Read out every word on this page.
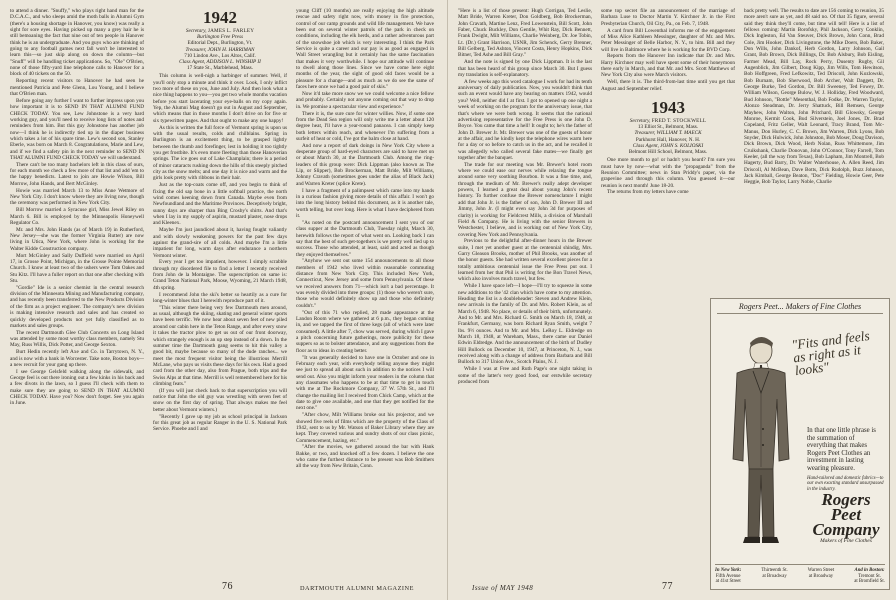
to attend a dinner. "Snuffy," who plays right hand man for the D.C.A.C., and who sleeps amid the moth balls in Alumni Gym (there's a housing shortage in Hanover, you know) was really a sight for sore eyes. Having picked up many a grey hair he is still bemoaning the fact that nine out of ten people in Hanover think he is an undergraduate. And you guys who are thinking of going to any football games next fall won't be interested to learn this—so just skip along on down the column—but "Snuff" will be handling ticket applications. So, "Ole" O'Brien, none of those fifty-yard line telephone calls to Hanover for a block of 40 tickets on the 50.

Reporting recent visitors to Hanover he had seen he mentioned Patricia and Pete Glenn, Lou Young, and I believe that O'Brien man.

Before going any further I want to further impress upon you how important it is to SEND IN THAT ALUMNI FUND CHECK TODAY. You see, Lew Johnstone is a very hard working guy, and you'll need to receive long lists of notes and reminders from him. But this guy Johnstone has another job now—I think he is indirectly tied up in the diaper business which takes a lot of his spare time. Lew's second son, Stanley Eberle, was born on March 8. Congratulations, Marie and Lew, and if we find a safety pin in the next reminder to SEND IN THAT ALUMNI FUND CHECK TODAY we will understand.

There can't be too many bachelors left in this class of ours, for each month we check a few more of that list and add 'em to the happy benedicts. Latest to join are Howie Wilson, Bill Morrow, John Hands, and Bert McGinley.

Howie was married March 13 to Miss Anne Wetmore of New York City. I don't know where they are living now, though the ceremony was performed in New York City.

Bill Morrow married a Syracuse girl, Miss Jewel Riley on March 6. Bill is employed by the Minneapolis Honeywell Regulator Co.

Mr. and Mrs. John Hands (as of March 19) in Rutherford, New Jersey—she was the former Virginia Rutter) are now living in Utica, New York, where John is working for the Walter Kidde Construction company.

Mort McGinley and Sally Duffield were married on April 17, in Grosse Point, Michigan, in the Grosse Pointe Memorial Church. I know at least two of the ushers were Tom Oakes and Stu Kitz. I'll have a fuller report on that one after checking with Stu.

"Gordie" Ide is a senior chemist in the central research division of the Minnesota Mining and Manufacturing company, and has recently been transferred to the New Products Division of the firm as a project engineer. The company's new division is making intensive research and sales and has created so quickly developed products not yet fully classified as to markets and sales groups.

The recent Dartmouth Glee Club Concerts on Long Island was attended by some most worthy class members, namely Stu May, Russ Willis, Dick Potter, and George Sexton.

Burt Hedin recently left Axe and Co. in Tarrytown, N. Y., and is now with a bank in Worcester. Take note, Boston boys—a new recruit for your gang up there.

I see George Gelsfeld walking along the sidewalk, and George feel is out there ironing out a few kinks in his back and a few divots in the lawn, so I guess I'll check with them to make sure they are going to SEND IN THAT ALUMNI CHECK TODAY. Have you? Now don't forget. See you again in June.

1942
Secretary, JAMES L. FARLEY
Burlington Free Press
Editorial Dept., Burlington, Vt.
Treasurer, JOHN H. HARRIMAN
710 Lindon Ave., Los Altos, Calif.
Class Agent, ADDISON L. WINSHIP II
17 State St., Marblehead, Mass.

This column is well-nigh a harbinger of summer. Well, if you'll only stop a minute and think it over. Look, I only inflict two more of these on you, June and July. And then look what a nice thing happens to you—you get two whole months vacation before you start lacerating your eye-balls on my copy again. Yep, the Alumni Mag doesn't go out in August and September, which means that in those months I don't drive on for five or six typewritten pages. And that ought to make any one happy!

As this is written the full force of Vermont spring is upon us with the usual results, colds and chilblains. Spring in Burlington is an excitement thing, to be grasped lightly between the thumb and forefinger, lest in holding it too tightly you get frostbite. It's even more fleeting than those Hanoverian springs. The ice goes out of Lake Champlain; there is a period of minor cataracts rushing down the hills of this steeply pitched city as the snow melts; and one day it is nice and warm and the girls look pretty with ribbons in their hair.

Just as the top-coats come off, and you begin to think of fixing the old sap bone in a little softball practice, the north wind comes keening down from Canada. Maybe even from Newfoundland and the Maritime Provinces. Deceptively bright, sunny days are sharper than Bing Crosby's shirts. And that's when I lay in my supply of aspirin, mustard plaster, nose drops and Kleenex.

Maybe I'm just jaundiced about it, having fought valiantly and with slowly weakening powers for the past few days against the grand-sire of all colds. And maybe I'm a little impatient for long, warm days after endurance a northern Vermont winter.

Every year I get too impatient, however. I simply scrabble through my disordered file to find a letter I recently received from John de la Montaigne. The superscription on same is: Grand Teton National Park, Moose, Wyoming, 21 March 1948, 4th spring.

I recommend John the ski's better so heartily as a cure for long-winter blues that I herewith reproduce part of it.

"This winter there being very few Dartmouth men around, as usual, although the skiing, skating and general winter sports have been terrific. We now hear about seven feet of new piled around our cabin here in the Teton Range, and after every snow it takes the tractor plow to get us out of our front doorway, which strangely enough is an up step instead of a down. In the summer time the Dartmouth gang seems to hit this valley a good bit, maybe because so many of the dude ranches... we meet the most frequent visitor being the illustrious Merrill McLane, who pays us visits these days for his own. Had a good card from the other day, also from Prague, both trips and the Swiss Alps at that time. Merrill is well remembered here for his climbing feats."

(If you will just check back to that superscription you will notice that John the old guy was wrestling with seven feet of snow on the first day of spring. That always makes me feel better about Vermont winters.)

"Recently I gave up my job as school principal in Jackson for this great job as regular Ranger in the U. S. National Park Service. Phoebe and I and

young Cliff (10 months) are really enjoying the high altitude rescue and safety right now, with money in fire protection, control of our camp grounds and wild life management. We have been out on several winter patrols of the park in check on conditions, including the elk herds, and a rather adventurous part of the snowshoe job which is very interesting. I think the Park Service is quite a career and our pay is as good as engaged in Wall Street wrangling but it certainly has the same fascination that makes it very worthwhile. I hope our attitude will continue to dwell along those lines. Since we have come here eight months of the year, the sight of good old faces would be a pleasure for a change—and as much as we do see the same ol' faces here once we had a good pair of skis."

Now it'd take more snow we we could welcome a nice fellow and probably. Certainly not anyone coming out that way to drop in. We promise a spectacular view and experience."

There it is, the sure cure for winter willies. Now, if some one from the Dead Sea region will only write me a letter about 120 degree heat, I'll have a year-round panacea. I can simply keep both letters within reach, and whenever I'm suffering from a surfeit of heat or cold, I've got the balm close at hand.

And now a report of dark doings in New York City where a desperate group of hard-eyed characters are said to have met on or about March 30, at the Dartmouth Club. Among the ring-leaders of this group were: Dick Lippman (also known as The Lip, or Slipper), Bob Brockerman, Matt Bride, Milt Williams, Johnny Cravath (sometimes goes under the alias of Black Jack) and Warren Kreter (splice Krete).

I have a fragment of a palimpsest which came into my hands in a curious fashion giving more details of this affair. I won't go into the long history behind this document, as it is another tale, worth telling, but over long. Here is what I have deciphered from it.

"As noted on the postcard announcement I sent you of our class supper at the Dartmouth Club, Tuesday night, March 30, herewith follows the report of what went on. Looking back I can say that the best of such get-togethers is we pretty well tied up to success. Those who attended, at least, said and acted as though they enjoyed themselves."

"Anyhow we sent out some 154 announcements to all those members of 1942 who lived within reasonable commuting distance from New York City. This included New York, Connecticut, New Jersey and some from Pennsylvania. Of these we received answers from 71—which isn't a bad percentage. It was evenly divided into three groups: (1) those who weren't sure, those who would definitely show up and those who definitely couldn't."

"Out of this 71 who replied, 28 made appearance at the Landon Room where we gathered at 6 p.m., they began coming in, and we tapped the first of three kegs (all of which were later consumed). A little after 7, chow was served, during which I gave a pitch concerning future gatherings, more publicity for these suppers so as to bolster attendance, and any suggestions from the floor as to ideas in creating better.

"It was generally decided to have one in October and one in February each year, with everybody telling anyone they might see just to spread all about such in addition to the notices I will send out. Also you might inform your readers in the column that any classmates who happens to be at that time to get in touch with me at The Rockmore Company, 37 W. 57th St., and I'll change the mailing list I received from Chick Camp, which at the date to give one available, and one that they get notified for the next one."

"After chow, Milt Williams broke out his projector, and we showed five reels of films which are the property of the Class of 1942, sent to us by Mr. Watson of Baker Library where they are kept. They covered various and sundry shots of our class picnic, Commencement, hazing, etc."

"After the movies, we gathered around the bar with Hank Bakke, or two, and knocked off a few dozen. I believe the one who came the furthest distance to be present was Bob Smithers all the way from New Britain, Conn.

76	DARTMOUTH ALUMNI MAGAZINE

"Here is a list of those present: Hugh Corrigan, Ted Leslie, Matt Bride, Warren Kreter, Don Goldberg, Bob Brockerman, John Cravath, Martine Lenz, Fred Lowenstein, Bill Scott, John Faber, Chuck Buckley, Don Gentile, Whit Ray, Dick Bennett, Frank Dwight, Milt Williams, Charlie Weinberg, Dr. Joe Tobin, Lt. (Dr.) Grant Harrison, USNR, Jim Schenck, Gerry Brenner, Bill Gelberg, Ted Ashton, Vincent Costa, Henry Hopkins, Dick Bitner, Ted Ashe and Bill Gray."

And the note is signed by one Dick Lippman. It is the last that has been heard of this group since March 30. But I guess my translation is self-explanatory.

A few weeks ago this word catalogue I work for had its tenth anniversary of daily publication. Now, you wouldn't think that such an event would have any bearing on matters 1942, would you? Well, neither did I at first. I got to opened up one night a week of working on the program for the anniversary issue, that that's where we were both wrong. It seems that the national advertising representative for the Free Press is one John D. Boyce. You came that time a hell! It ought to; he's the father of John D. Brewer Jr. Mr. Brewer was one of the guests of honor at the affair, and he kindly kept the telephone wires warm here for a day or so before to catch us in the act, and he recalled it was allegedly who called several fake mates—we finally get together after the banquet.

The trade for our meeting was Mr. Brewer's hotel room where we could ease our nerves while relaxing the tongue around some very soothing Bourbon. It was a fine time, and, through the medium of Mr. Brewer's really adept developer powers, I learned a great deal about young John's recent history. To further confuse the Brewer nomenclature I might add that John Jr. is the father of son, John D. Brewer III and Jimmy, John Jr. (I might even say John 3d for purposes of clarity) is working for Fieldcrest Mills, a division of Marshall Field & Company. He is living with the senior Brewers in Westchester, I believe, and is working out of New York City, covering New York and Pennsylvania.

Previous to the delightful after-dinner hours in the Brewer suite, I met yet another guest at the centennial shindig, Mrs. Garry Gleason Brooks, mother of Phil Brooks, was another of the honor guests. She had written several excellent pieces for a totally ambitious centennial issue the Free Press put out. I learned from her that Phil is writing for the Bon Travel News, which also involves much travel, but few.

While I have space left—I hope—I'll try to squeeze in some new additions to the '42 clan which have come to my attention. Heading the list is a doubleheader: Steven and Andrew Klein, new arrivals in the family of Dr. and Mrs. Robert Klein, as of March 6, 1948. No place, or details of their birth, unfortunately. And to Mr. and Mrs. Richard G. Smith on March 18, 1948, at Frankfurt, Germany, was born Richard Ryan Smith, weight 7 lbs. 9½ ounces. And to Mr. and Mrs. LeRoy L. Eldredge on March 18, 1948, at Wareham, Mass., there came our Daniel Edwin Eldredge. And the announcement of the birth of Dudley Hill Bullock on December 10, 1947, at Princeton, N. J., was received along with a change of address from Barbara and Bill Bullock to 317 Union Ave., Scotch Plains, N. J.

While I was at Free and Ruth Page's one night taking in some of the latter's very good food, our erstwhile secretary produced from

some top secret file an announcement of the marriage of Barbara Luse to Doctor Martin Y. Kirchner Jr. in the First Presbyterian Church, Oil City, Pa., on Feb. 7, 1948.

A card from Bill Lowenthal informs me of the engagement of Miss Alice Kathleen Messinger, daughter of Mr. and Mrs. Peter Messinger of Belle Harbor, N. Y., to him. Bill and they will live in Baltimore where he is working for the BVD Corp.

Reports from the Hanover Inn indicate that Dr. and Mrs. Harry Kirchner may well have spent some of their honeymoon there early in March, and that Mr. and Mrs. Scott Matthews of New York City also were March visitors.

Well, there it is. The third-from-last time until you get that August and September relief.

1943
Secretary, FRED T. STOCKWELL
13 Elliot St., Belmont, Mass.
Treasurer, WILLIAM T. MAECK
Parkhurst Hall, Hanover, N. H.
Class Agent, JOHN S. KOLIOSKI
Belmont Hill School, Belmont, Mass.

One more month to go! or hadn't you heard? I'm sure you must have by now—what with the "propaganda" from the Reunion Committee; news in Stan Priddy's paper, via the grapevine and through this column. You guessed it—our reunion is next month! June 18-20.

The returns from my letters have come

back pretty well. The results to date are 156 coming to reunion, 35 more aren't sure as yet, and 48 said no. Of that 35 figure, several said they think they'll come, but time will tell! Here is a list of fellows coming: Martin Borofsky, Phil Jackson, Gerry Conklin, Dick Ingleston, Ed Van Steuver, Dick Brown, John Conn, Brad Cole, Jim Hooker, Dick Livingstone, the Mike Doers, Bob Baker, Don Wills, John Dankof, Herb Gordon, Larry Johnson, Gail Grant, Bob Brown, Dick Billings, Dr. Bob Alsbury, Bob Eisling, Farmer Mead, Bill Lay, Rock Perry, Dusenty Rugby, Gil Augenblick, Jim Gilbert, Doug Kipp, Jim Wills, Tom Hewitson, Bob Hoffgreen, Fred Lefkowitz, Ted Driscoll, John Kozlowski, Bob Burnam, Bob Sherwood, Bob Archer, Walt Daggett, Dr. George Burke, Ted Gordon, Dr. Bill Sweeney, Ted Fowey, Dr. William Wilson, George Bulow, W. J. Holliday, Fred Woodward, Bud Johnson, "Bottle" Mesenthal, Bob Fodke, Dr. Warren Taylor, Alonzo Steadman, Dr. Jerry Shattuck, Bill Remsen, George Mayhew, John Walton, John Pritchard, Bill Glowsky, George Monroe, Kermit Cook, Bud Silverstein, Joel Jones, Dr. Brad Copeland, Fritz Geller, Walt Leonard, Tracy Brand, Tom Mc-Manus, Don Hurley, C. C. Brown, Jim Warren, Dick Lyons, Bob Snyder, Dick Hulwick, John Johnston, Bob Moser, Doug Davison, Dick Brown, Dick Wood, Herb Nolan, Russ Whittemore, Jim Cruikshank, Charlie Donovan, John O'Connor, Tony Farrell, Tom Keeler, (all the way from Texas), Bob Lapham, Jim Montrell, Bob Hagerty, Bud Barry, Dr. Walter Waterhouse, A. Allen Reed, Jim Driscoll, Al McBean, Dave Botts, Dick Rudolph, Buzz Johnson, Jack Kimball, George Beaton, "Doc" Fielding, Howie Geer, Pete Heggie, Bob Taylor, Larry Noble, Charlie

Rogers Peet... Makers of Fine Clothes
"Fits and feels as right as it looks"
In that one little phrase is the summation of everything that makes Rogers Peet Clothes an investment in lasting wearing pleasure.
Hand-tailored and domestic fabrics—to our own exacting standard unsurpassed in the industry.
Rogers Peet
Company
Makers of Fine Clothes
In New York:
Fifth Avenue
at 41st Street
Thirteenth St.
at Broadway
Warren Street
at Broadway
And in Boston:
Tremont St.
at Bromfield St.
Issue of MAY 1948	77
